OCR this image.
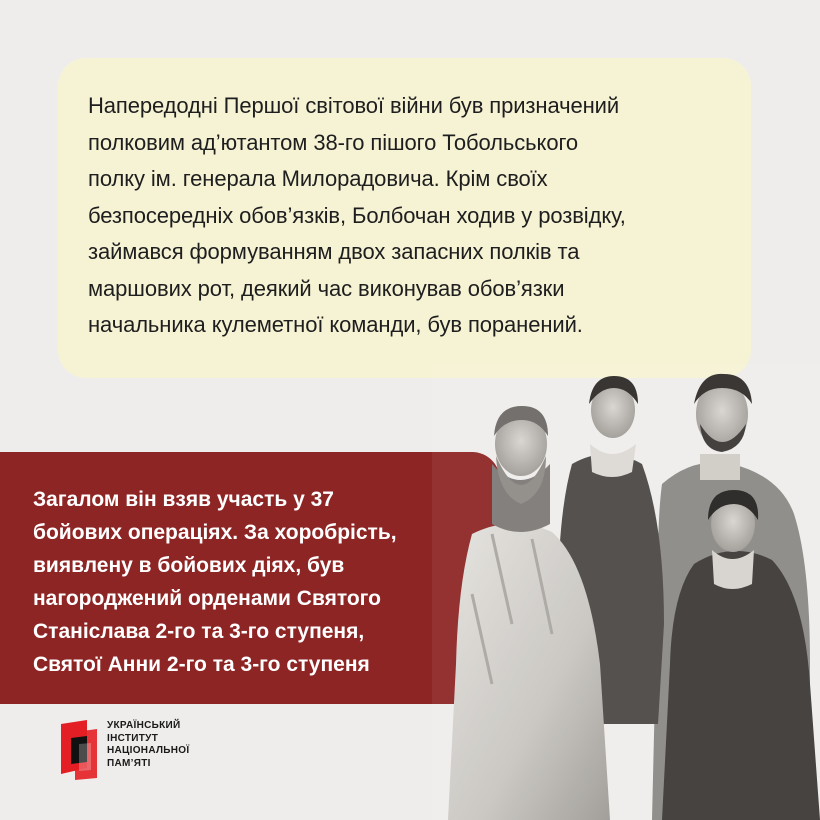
Напередодні Першої світової війни був призначений
полковим ад’ютантом 38-го пішого Тобольського
полку ім. генерала Милорадовича. Крім своїх
безпосередніх обов’язків, Болбочан ходив у розвідку,
займався формуванням двох запасних полків та
маршових рот, деякий час виконував обов’язки
начальника кулеметної команди, був поранений.

Загалом він взяв участь у 37
бойових операціях. За хоробрість,
виявлену в бойових діях, був
нагороджений орденами Святого
Станіслава 2-го та 3-го ступеня,
Святої Анни 2-го та 3-го ступеня

УКРАЇНСЬКИЙ
ІНСТИТУТ
НАЦІОНАЛЬНОЇ
ПАМ’ЯТІ
